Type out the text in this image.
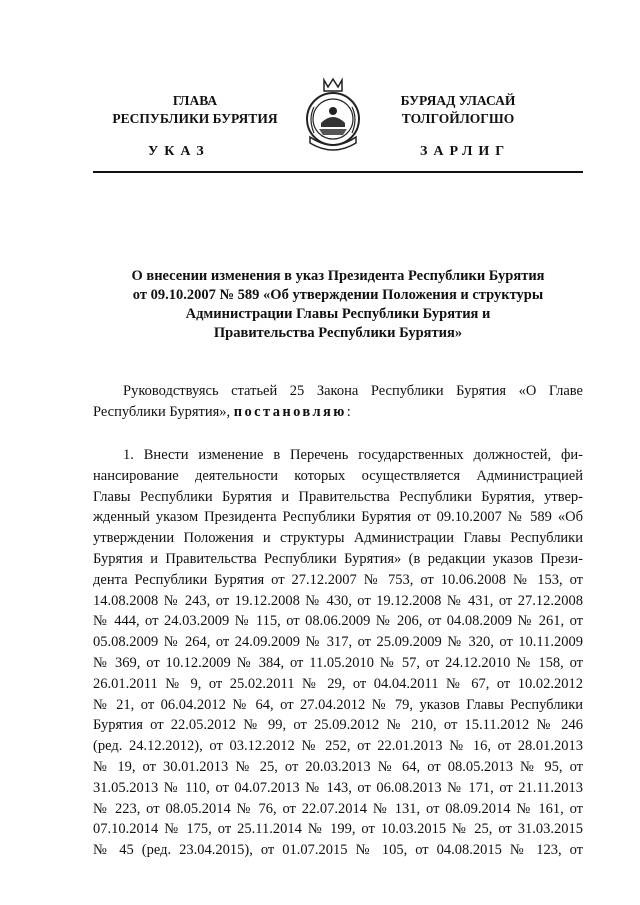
ГЛАВА
РЕСПУБЛИКИ БУРЯТИЯ
БУРЯАД УЛАСАЙ
ТОЛГОЙЛОГШО
УКАЗ	ЗАРЛИГ
О внесении изменения в указ Президента Республики Бурятия
от 09.10.2007 № 589 «Об утверждении Положения и структуры
Администрации Главы Республики Бурятия и
Правительства Республики Бурятия»
Руководствуясь статьей 25 Закона Республики Бурятия «О Главе
Республики Бурятия», постановляю:
1. Внести изменение в Перечень государственных должностей, фи-
нансирование деятельности которых осуществляется Администрацией
Главы Республики Бурятия и Правительства Республики Бурятия, утвер-
жденный указом Президента Республики Бурятия от 09.10.2007 № 589 «Об
утверждении Положения и структуры Администрации Главы Республики
Бурятия и Правительства Республики Бурятия» (в редакции указов Прези-
дента Республики Бурятия от 27.12.2007 № 753, от 10.06.2008 № 153, от
14.08.2008 № 243, от 19.12.2008 № 430, от 19.12.2008 № 431, от 27.12.2008
№ 444, от 24.03.2009 № 115, от 08.06.2009 № 206, от 04.08.2009 № 261, от
05.08.2009 № 264, от 24.09.2009 № 317, от 25.09.2009 № 320, от 10.11.2009
№ 369, от 10.12.2009 № 384, от 11.05.2010 № 57, от 24.12.2010 № 158, от
26.01.2011 № 9, от 25.02.2011 № 29, от 04.04.2011 № 67, от 10.02.2012
№ 21, от 06.04.2012 № 64, от 27.04.2012 № 79, указов Главы Республики
Бурятия от 22.05.2012 № 99, от 25.09.2012 № 210, от 15.11.2012 № 246
(ред. 24.12.2012), от 03.12.2012 № 252, от 22.01.2013 № 16, от 28.01.2013
№ 19, от 30.01.2013 № 25, от 20.03.2013 № 64, от 08.05.2013 № 95, от
31.05.2013 № 110, от 04.07.2013 № 143, от 06.08.2013 № 171, от 21.11.2013
№ 223, от 08.05.2014 № 76, от 22.07.2014 № 131, от 08.09.2014 № 161, от
07.10.2014 № 175, от 25.11.2014 № 199, от 10.03.2015 № 25, от 31.03.2015
№ 45 (ред. 23.04.2015), от 01.07.2015 № 105, от 04.08.2015 № 123, от
